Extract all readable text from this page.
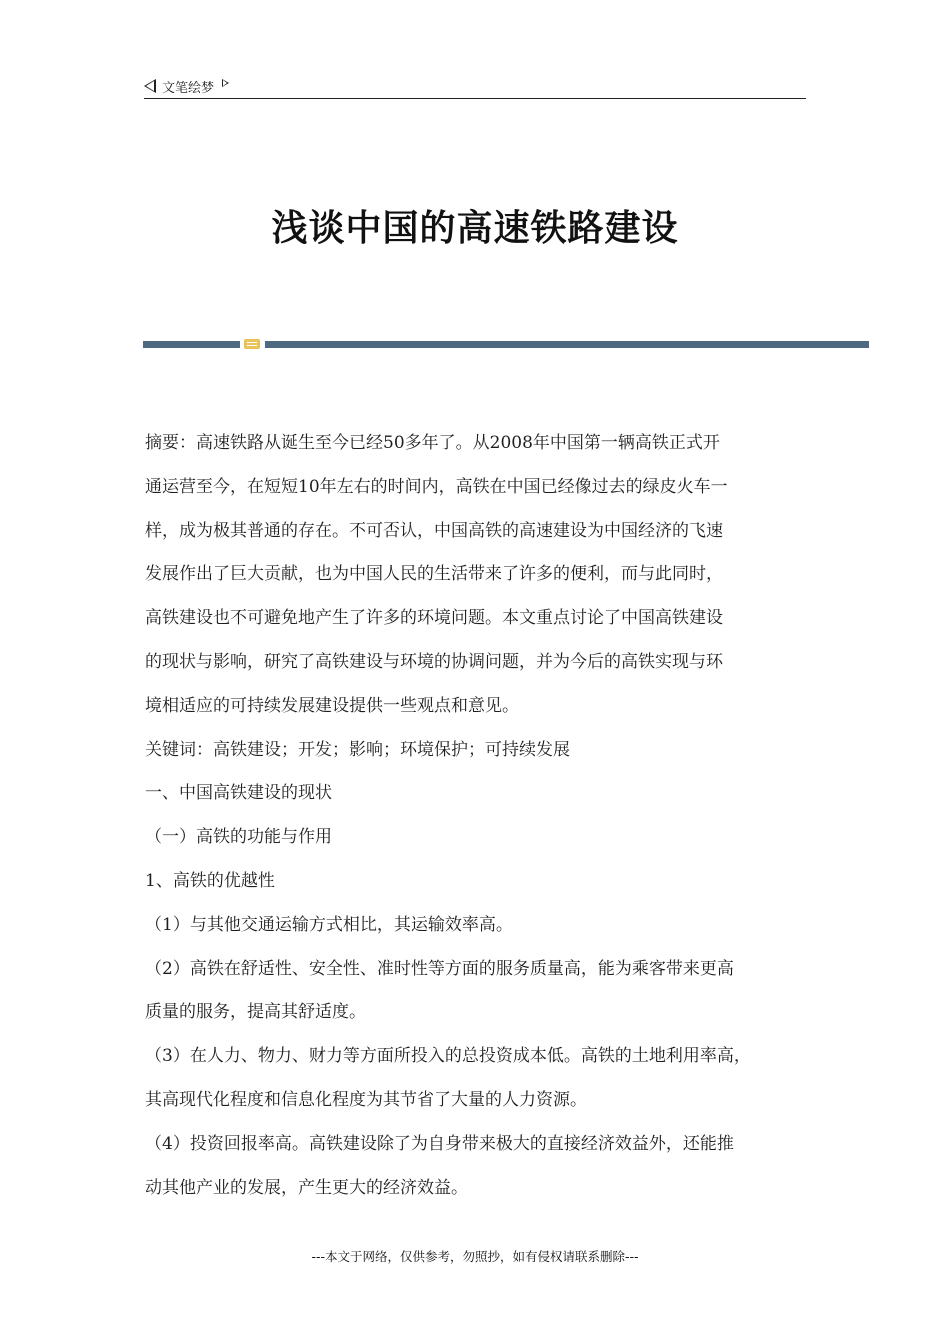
文笔绘梦
浅谈中国的高速铁路建设
摘要：高速铁路从诞生至今已经50多年了。从2008年中国第一辆高铁正式开
通运营至今，在短短10年左右的时间内，高铁在中国已经像过去的绿皮火车一
样，成为极其普通的存在。不可否认，中国高铁的高速建设为中国经济的飞速
发展作出了巨大贡献，也为中国人民的生活带来了许多的便利，而与此同时，
高铁建设也不可避免地产生了许多的环境问题。本文重点讨论了中国高铁建设
的现状与影响，研究了高铁建设与环境的协调问题，并为今后的高铁实现与环
境相适应的可持续发展建设提供一些观点和意见。
关键词：高铁建设；开发；影响；环境保护；可持续发展
一、中国高铁建设的现状
（一）高铁的功能与作用
1、高铁的优越性
（1）与其他交通运输方式相比，其运输效率高。
（2）高铁在舒适性、安全性、准时性等方面的服务质量高，能为乘客带来更高
质量的服务，提高其舒适度。
（3）在人力、物力、财力等方面所投入的总投资成本低。高铁的土地利用率高，
其高现代化程度和信息化程度为其节省了大量的人力资源。
（4）投资回报率高。高铁建设除了为自身带来极大的直接经济效益外，还能推
动其他产业的发展，产生更大的经济效益。
---本文于网络，仅供参考，勿照抄，如有侵权请联系删除---
